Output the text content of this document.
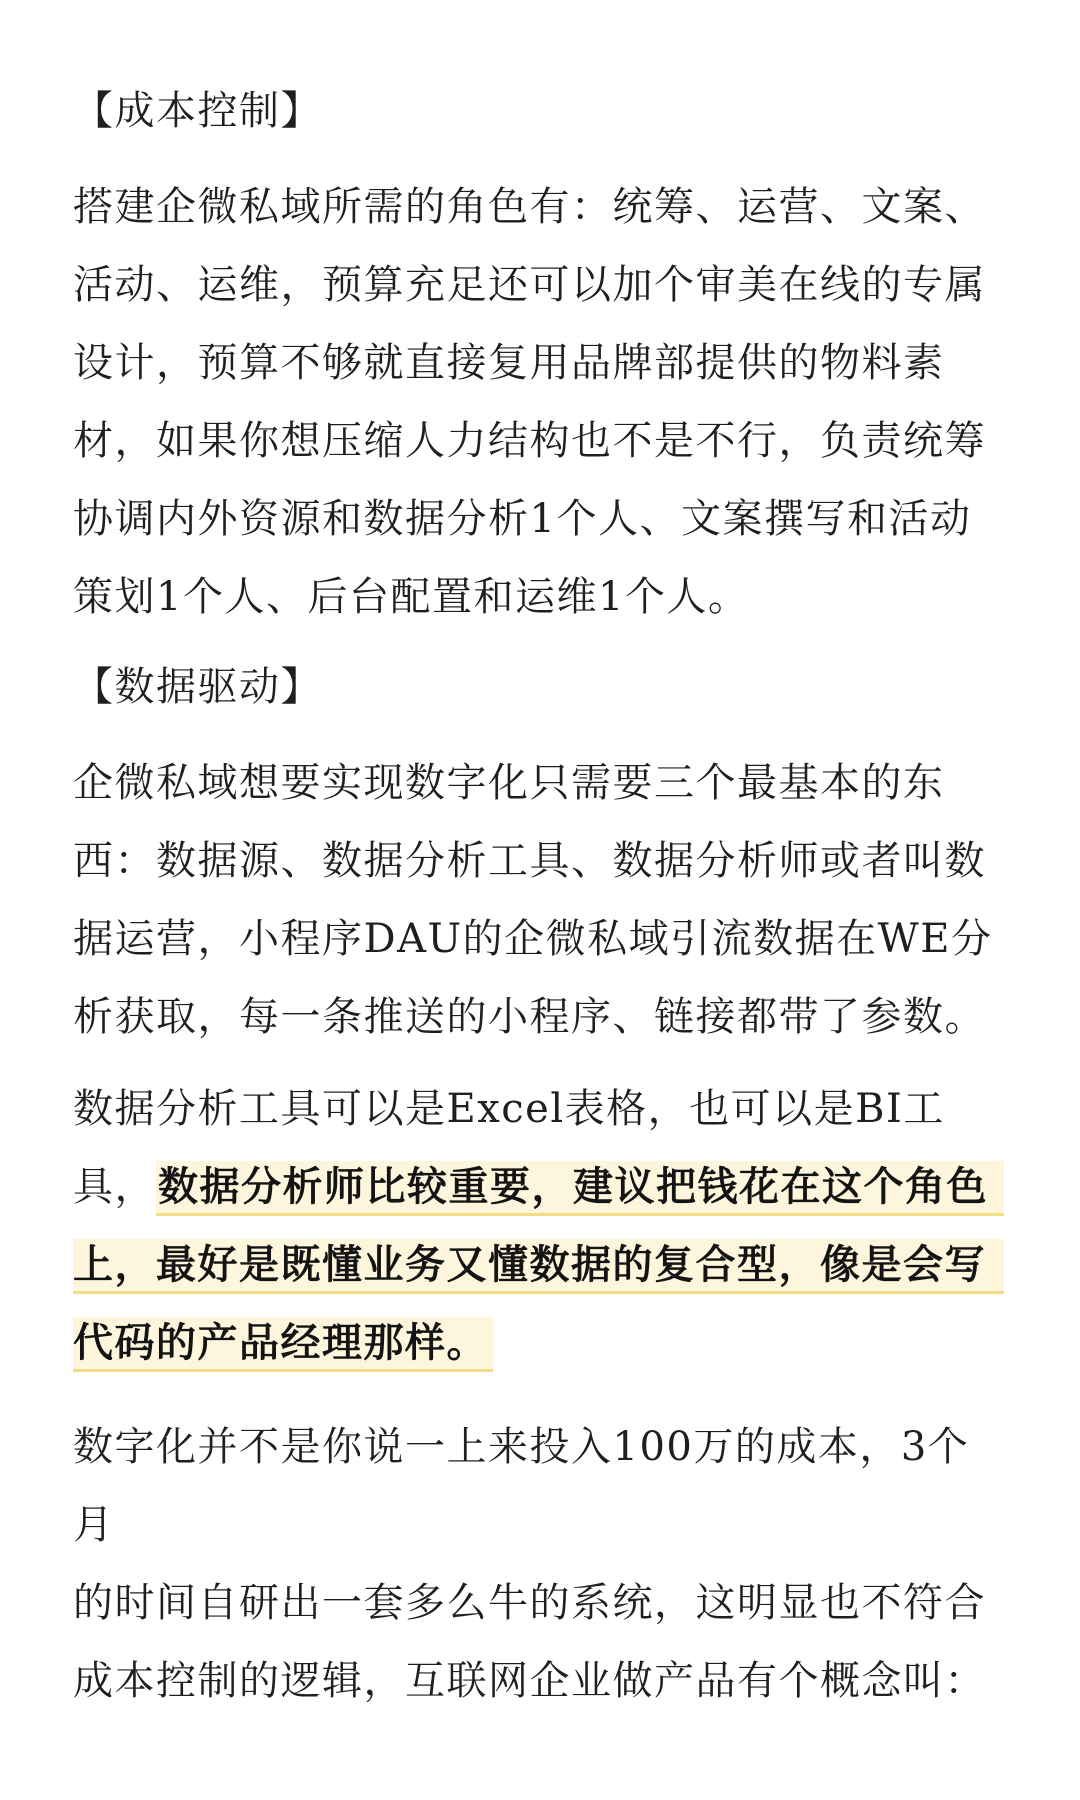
【成本控制】

搭建企微私域所需的角色有：统筹、运营、文案、
活动、运维，预算充足还可以加个审美在线的专属
设计，预算不够就直接复用品牌部提供的物料素
材，如果你想压缩人力结构也不是不行，负责统筹
协调内外资源和数据分析1个人、文案撰写和活动
策划1个人、后台配置和运维1个人。

【数据驱动】

企微私域想要实现数字化只需要三个最基本的东
西：数据源、数据分析工具、数据分析师或者叫数
据运营，小程序DAU的企微私域引流数据在WE分
析获取，每一条推送的小程序、链接都带了参数。

数据分析工具可以是Excel表格，也可以是BI工

具， 数据分析师比较重要，建议把钱花在这个角色

上，最好是既懂业务又懂数据的复合型，像是会写

代码的产品经理那样。

数字化并不是你说一上来投入100万的成本，3个月
的时间自研出一套多么牛的系统，这明显也不符合
成本控制的逻辑，互联网企业做产品有个概念叫：
